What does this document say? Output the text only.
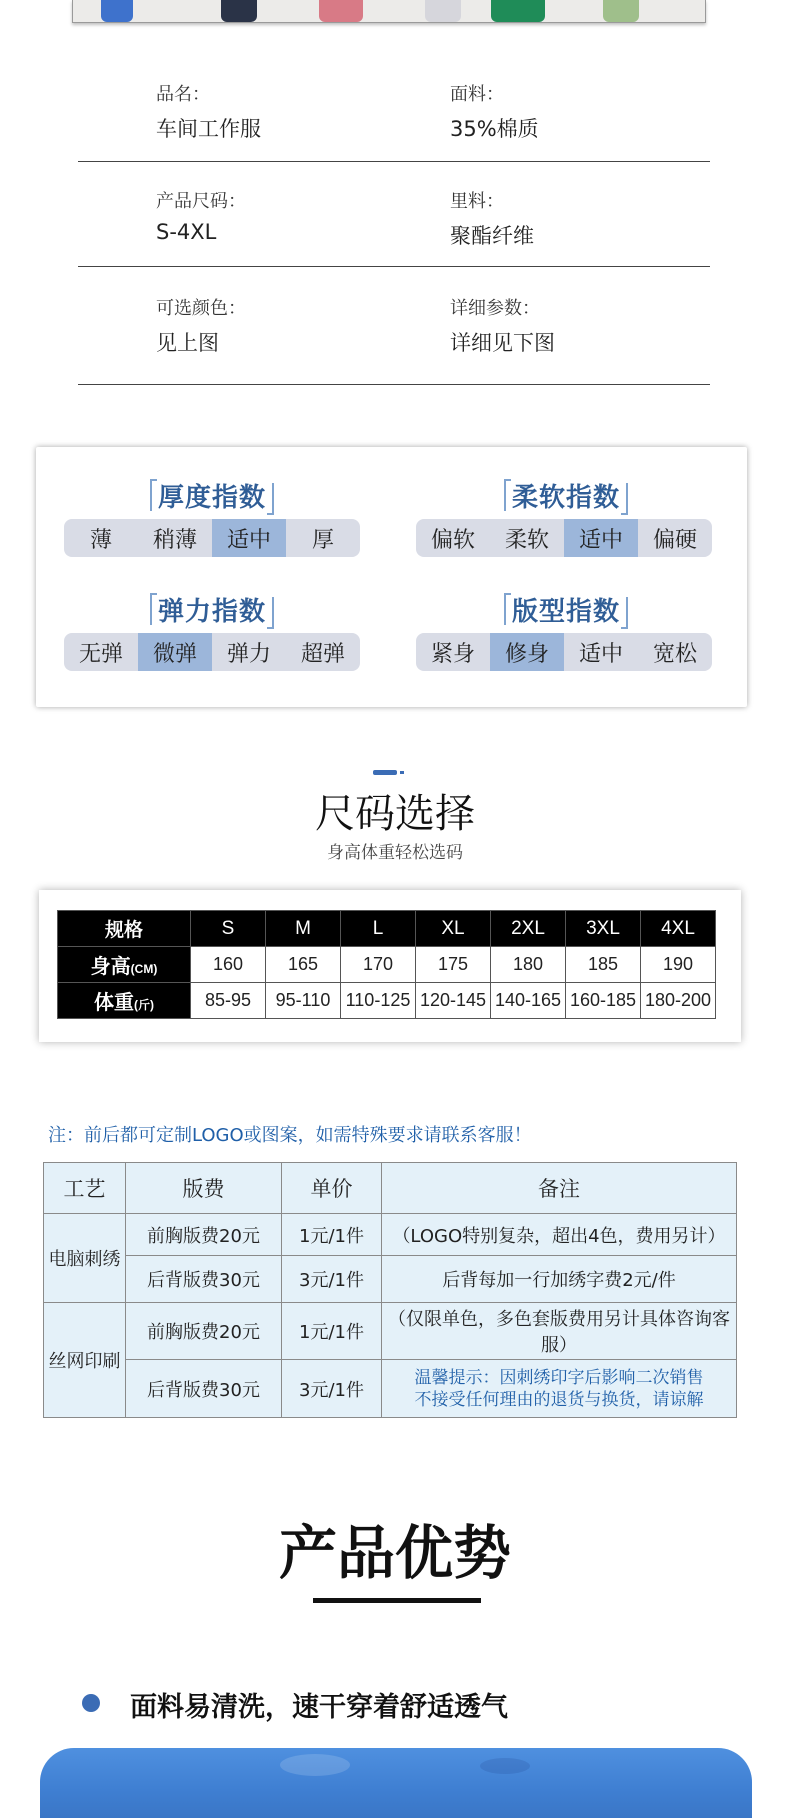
品名：
车间工作服
面料：
35%棉质
产品尺码：
S-4XL
里料：
聚酯纤维
可选颜色：
见上图
详细参数：
详细见下图
厚度指数
薄	稍薄	适中	厚
柔软指数
偏软	柔软	适中	偏硬
弹力指数
无弹	微弹	弹力	超弹
版型指数
紧身	修身	适中	宽松
尺码选择
身高体重轻松选码
规格	S	M	L	XL	2XL	3XL	4XL
身高(CM)	160	165	170	175	180	185	190
体重(斤)	85-95	95-110	110-125	120-145	140-165	160-185	180-200
注：前后都可定制LOGO或图案，如需特殊要求请联系客服！
工艺	版费	单价	备注
电脑刺绣	前胸版费20元	1元/1件	（LOGO特别复杂，超出4色，费用另计）
	后背版费30元	3元/1件	后背每加一行加绣字费2元/件
丝网印刷	前胸版费20元	1元/1件	（仅限单色，多色套版费用另计具体咨询客服）
	后背版费30元	3元/1件	温馨提示：因刺绣印字后影响二次销售
不接受任何理由的退货与换货，请谅解
产品优势
面料易清洗，速干穿着舒适透气
